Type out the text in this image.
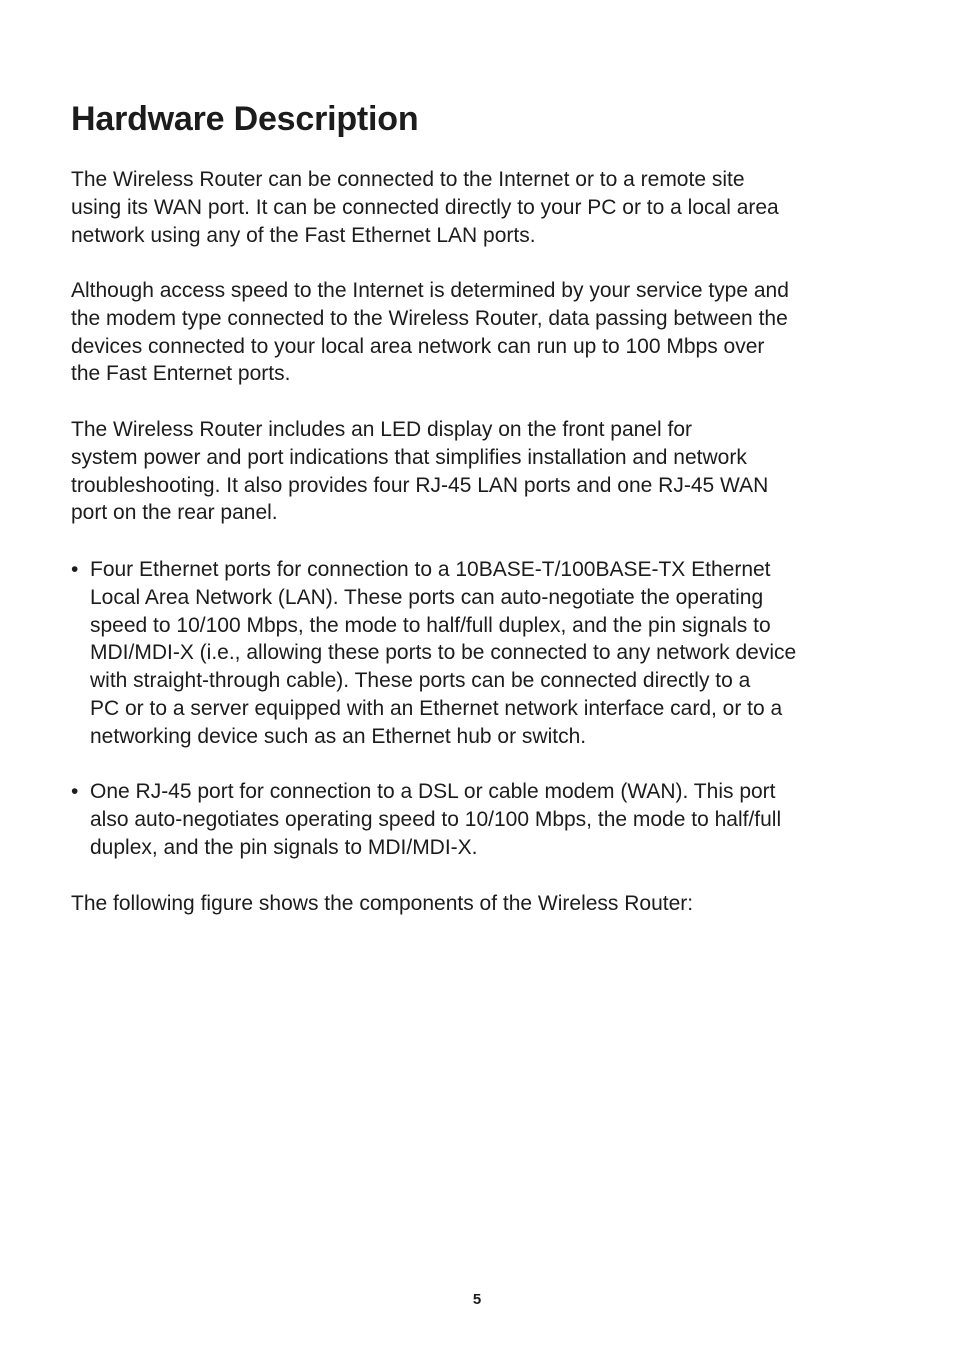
Hardware Description

The Wireless Router can be connected to the Internet or to a remote site
using its WAN port. It can be connected directly to your PC or to a local area
network using any of the Fast Ethernet LAN ports.

Although access speed to the Internet is determined by your service type and
the modem type connected to the Wireless Router, data passing between the
devices connected to your local area network can run up to 100 Mbps over
the Fast Enternet ports.

The Wireless Router includes an LED display on the front panel for
system power and port indications that simplifies installation and network
troubleshooting. It also provides four RJ-45 LAN ports and one RJ-45 WAN
port on the rear panel.

• Four Ethernet ports for connection to a 10BASE-T/100BASE-TX Ethernet
Local Area Network (LAN). These ports can auto-negotiate the operating
speed to 10/100 Mbps, the mode to half/full duplex, and the pin signals to
MDI/MDI-X (i.e., allowing these ports to be connected to any network device
with straight-through cable). These ports can be connected directly to a
PC or to a server equipped with an Ethernet network interface card, or to a
networking device such as an Ethernet hub or switch.
• One RJ-45 port for connection to a DSL or cable modem (WAN). This port
also auto-negotiates operating speed to 10/100 Mbps, the mode to half/full
duplex, and the pin signals to MDI/MDI-X.

The following figure shows the components of the Wireless Router:

5
